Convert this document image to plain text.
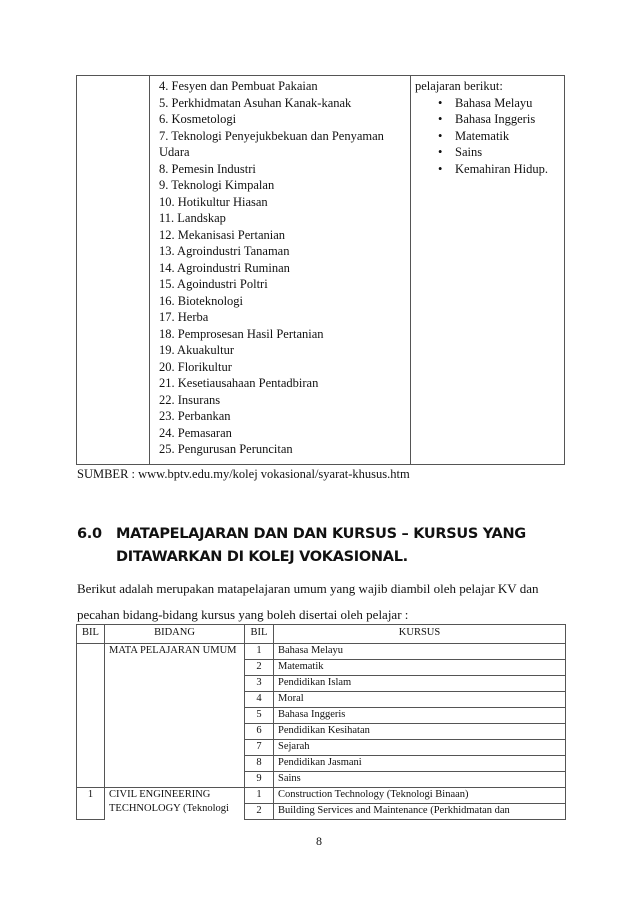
4. Fesyen dan Pembuat Pakaian
5. Perkhidmatan Asuhan Kanak-kanak
6. Kosmetologi
7. Teknologi Penyejukbekuan dan Penyaman Udara
8. Pemesin Industri
9. Teknologi Kimpalan
10. Hotikultur Hiasan
11. Landskap
12. Mekanisasi Pertanian
13. Agroindustri Tanaman
14. Agroindustri Ruminan
15. Agoindustri Poltri
16. Bioteknologi
17. Herba
18. Pemprosesan Hasil Pertanian
19. Akuakultur
20. Florikultur
21. Kesetiausahaan Pentadbiran
22. Insurans
23. Perbankan
24. Pemasaran
25. Pengurusan Peruncitan
pelajaran berikut:
• Bahasa Melayu
• Bahasa Inggeris
• Matematik
• Sains
• Kemahiran Hidup.
SUMBER : www.bptv.edu.my/kolej vokasional/syarat-khusus.htm
6.0 MATAPELAJARAN DAN DAN KURSUS – KURSUS YANG DITAWARKAN DI KOLEJ VOKASIONAL.
Berikut adalah merupakan matapelajaran umum yang wajib diambil oleh pelajar KV dan pecahan bidang-bidang kursus yang boleh disertai oleh pelajar :
BIL	BIDANG	BIL	KURSUS
	MATA PELAJARAN UMUM	1	Bahasa Melayu
		2	Matematik
		3	Pendidikan Islam
		4	Moral
		5	Bahasa Inggeris
		6	Pendidikan Kesihatan
		7	Sejarah
		8	Pendidikan Jasmani
		9	Sains
1	CIVIL ENGINEERING TECHNOLOGY (Teknologi	1	Construction Technology (Teknologi Binaan)
		2	Building Services and Maintenance (Perkhidmatan dan
8
